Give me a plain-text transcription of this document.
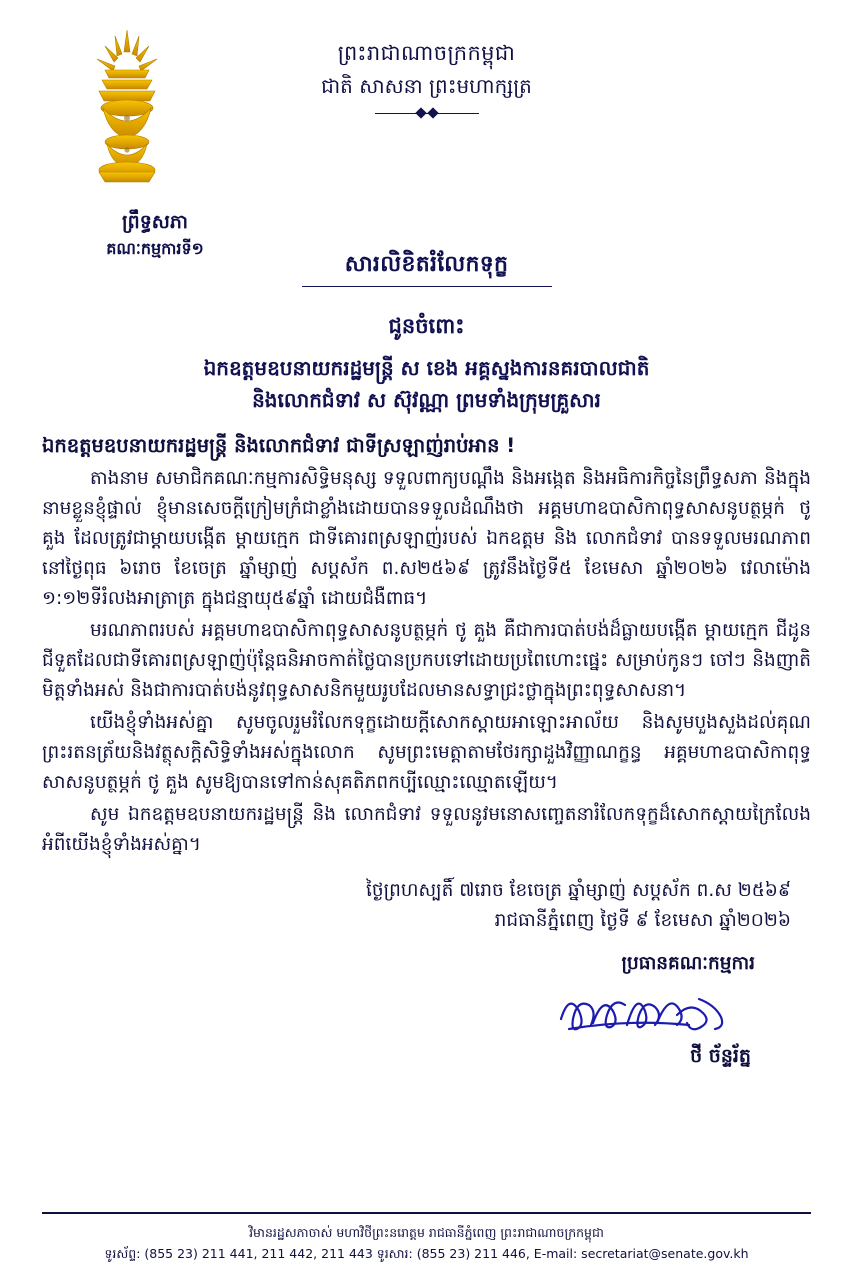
ព្រះរាជាណាចក្រកម្ពុជា
ជាតិ សាសនា ព្រះមហាក្សត្រ
ព្រឹទ្ធសភា
គណៈកម្មការទី១
សារលិខិតរំលែកទុក្ខ
ជូនចំពោះ
ឯកឧត្តមឧបនាយករដ្ឋមន្ត្រី ស ខេង អគ្គស្នងការនគរបាលជាតិ
និងលោកជំទាវ ស ស៊ុវណ្ណា ព្រមទាំងក្រុមគ្រួសារ

ឯកឧត្តមឧបនាយករដ្ឋមន្ត្រី និងលោកជំទាវ ជាទីស្រឡាញ់រាប់អាន !

តាងនាម សមាជិកគណៈកម្មការសិទ្ធិមនុស្ស ទទួលពាក្យបណ្តឹង និងអង្កេត និងអធិការកិច្ចនៃព្រឹទ្ធសភា និងក្នុងនាមខ្លួនខ្ញុំផ្ទាល់ ខ្ញុំមានសេចក្តីក្រៀមក្រំជាខ្លាំងដោយបានទទួលដំណឹងថា អគ្គមហាឧបាសិកាពុទ្ធសាសនូបត្ថម្ភក់ ថូ គួង ដែលត្រូវជាម្តាយបង្កើត ម្តាយក្មេក ជាទីគោរពស្រឡាញ់របស់ ឯកឧត្តម និង លោកជំទាវ បានទទួលមរណភាព នៅថ្ងៃពុធ ៦រោច ខែចេត្រ ឆ្នាំម្សាញ់ សប្តស័ក ព.ស២៥៦៩ ត្រូវនឹងថ្ងៃទី៥ ខែមេសា ឆ្នាំ២០២៦ វេលាម៉ោង ១:១២ទីរំលងអាត្រាត្រ ក្នុងជន្មាយុ៥៩ឆ្នាំ ដោយជំងឺពាធ។

មរណភាពរបស់ អគ្គមហាឧបាសិកាពុទ្ធសាសនូបត្ថម្ភក់ ថូ គួង គឺជាការបាត់បង់ដ៏ធ្លាយបង្កើត ម្តាយក្មេក ជីដូន ជីទួតដែលជាទីគោរពស្រឡាញ់ប៉ុន្តែធនិអាចកាត់ថ្លៃបានប្រកបទៅដោយប្រពៃហោះផ្នេះ សម្រាប់កូនៗ ចៅៗ និងញាតិមិត្តទាំងអស់ និងជាការបាត់បង់នូវពុទ្ធសាសនិកមួយរូបដែលមានសទ្ធាជ្រះថ្លាក្នុងព្រះពុទ្ធសាសនា។

យើងខ្ញុំទាំងអស់គ្នា សូមចូលរួមរំលែកទុក្ខដោយក្តីសោកស្តាយអាឡោះអាល័យ និងសូមបួងសួងដល់គុណព្រះរតនត្រ័យនិងវត្ថុសក្តិសិទ្ធិទាំងអស់ក្នុងលោក សូមព្រះមេត្តាតាមថែរក្សាដួងវិញ្ញាណក្ខន្ធ អគ្គមហាឧបាសិកាពុទ្ធសាសនូបត្ថម្ភក់ ថូ គួង សូមឱ្យបានទៅកាន់សុគតិភពកប្បីឈ្មោះឈ្មោតឡើយ។

សូម ឯកឧត្តមឧបនាយករដ្ឋមន្ត្រី និង លោកជំទាវ ទទួលនូវមនោសញ្ចេតនារំលែកទុក្ខដ៏សោកស្តាយក្រៃលែង អំពីយើងខ្ញុំទាំងអស់គ្នា។

ថ្ងៃព្រហស្បតិ៍ ៧រោច ខែចេត្រ ឆ្នាំម្សាញ់ សប្តស័ក ព.ស ២៥៦៩
រាជធានីភ្នំពេញ ថ្ងៃទី ៩ ខែមេសា ឆ្នាំ២០២៦
ប្រធានគណៈកម្មការ
ថី ច័ន្ទរ័ត្ន
វិមានរដ្ឋសភាចាស់ មហាវិថីព្រះនរោត្តម រាជធានីភ្នំពេញ ព្រះរាជាណាចក្រកម្ពុជា
ទូរស័ព្ទ: (855 23) 211 441, 211 442, 211 443 ទូរសារ: (855 23) 211 446, E-mail: secretariat@senate.gov.kh
